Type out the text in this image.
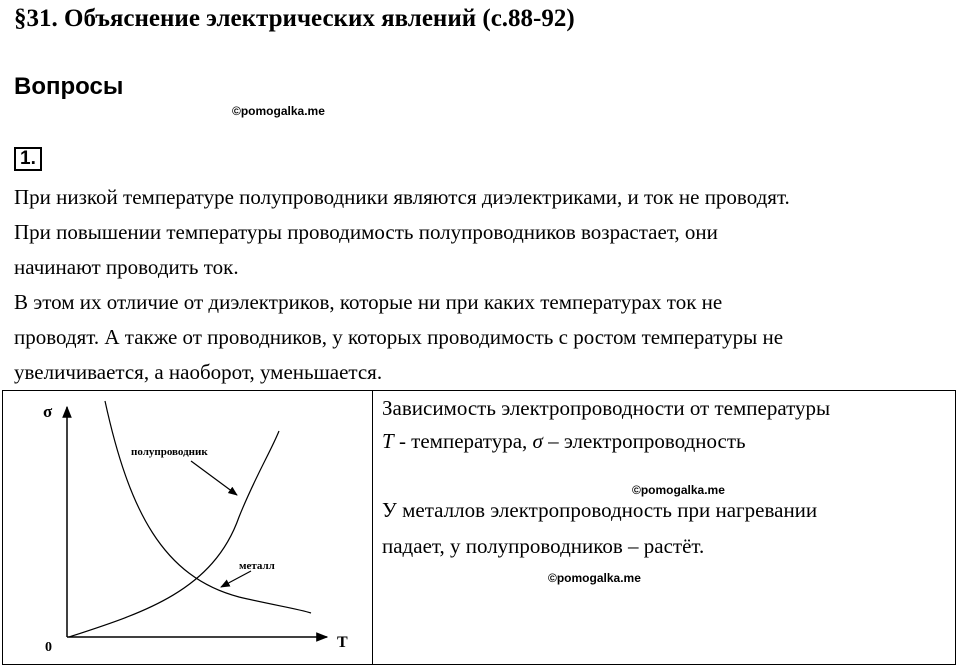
§31. Объяснение электрических явлений (с.88-92)
Вопросы
©pomogalka.me
1.

При низкой температуре полупроводники являются диэлектриками, и ток не проводят.

При повышении температуры проводимость полупроводников возрастает, они

начинают проводить ток.

В этом их отличие от диэлектриков, которые ни при каких температурах ток не

проводят. А также от проводников, у которых проводимость с ростом температуры не

увеличивается, а наоборот, уменьшается.

σ
T
0
полупроводник
металл
Зависимость электропроводности от температуры
T - температура, σ – электропроводность
©pomogalka.me
У металлов электропроводность при нагревании
падает, у полупроводников – растёт.
©pomogalka.me
